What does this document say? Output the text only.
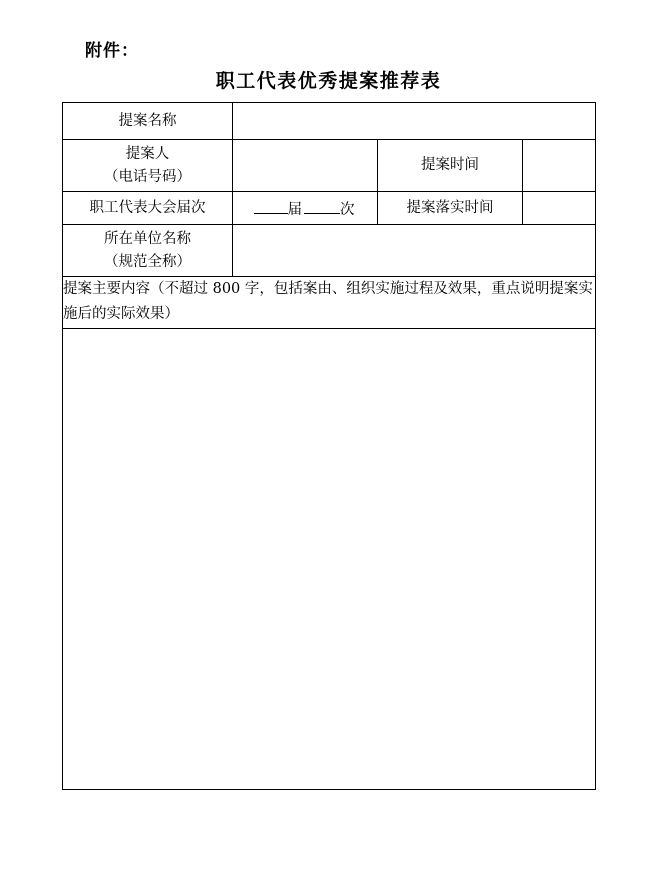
附件：
职工代表优秀提案推荐表
提案名称			

提案人
（电话号码）		提案时间	
职工代表大会届次	届 次	提案落实时间	

所在单位名称
（规范全称）			

提案主要内容（不超过 800 字，包括案由、组织实施过程及效果，重点说明提案实施后的实际效果）			
